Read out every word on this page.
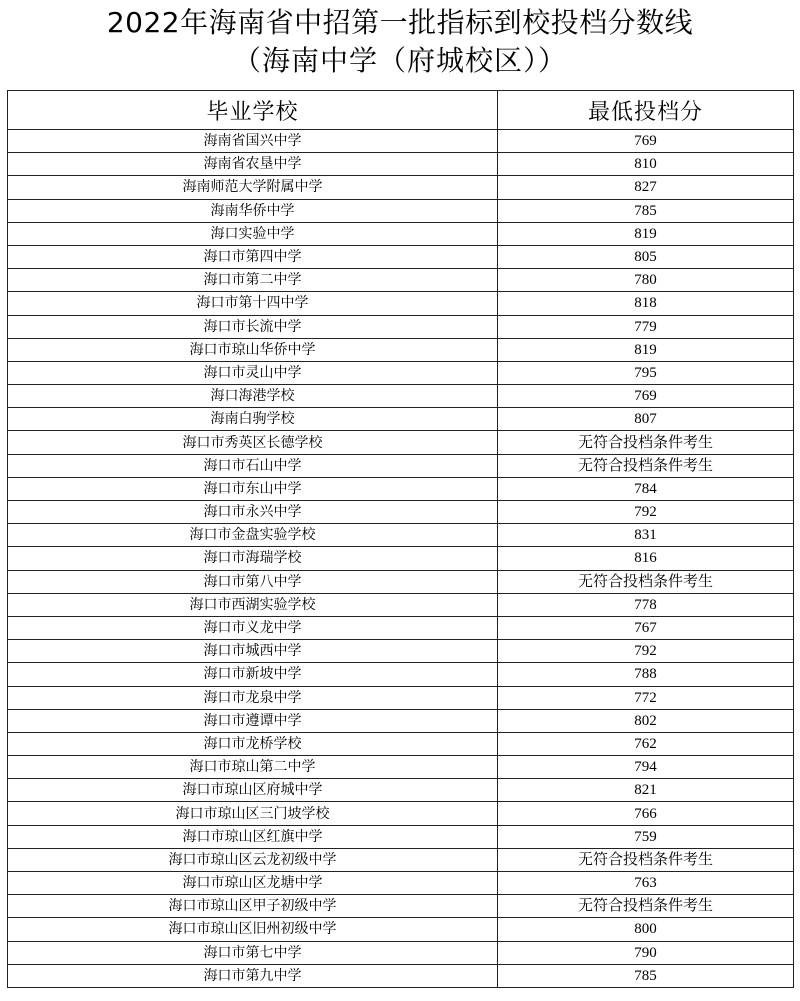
2022年海南省中招第一批指标到校投档分数线
（海南中学（府城校区））
毕业学校	最低投档分
海南省国兴中学	769
海南省农垦中学	810
海南师范大学附属中学	827
海南华侨中学	785
海口实验中学	819
海口市第四中学	805
海口市第二中学	780
海口市第十四中学	818
海口市长流中学	779
海口市琼山华侨中学	819
海口市灵山中学	795
海口海港学校	769
海南白驹学校	807
海口市秀英区长德学校	无符合投档条件考生
海口市石山中学	无符合投档条件考生
海口市东山中学	784
海口市永兴中学	792
海口市金盘实验学校	831
海口市海瑞学校	816
海口市第八中学	无符合投档条件考生
海口市西湖实验学校	778
海口市义龙中学	767
海口市城西中学	792
海口市新坡中学	788
海口市龙泉中学	772
海口市遵谭中学	802
海口市龙桥学校	762
海口市琼山第二中学	794
海口市琼山区府城中学	821
海口市琼山区三门坡学校	766
海口市琼山区红旗中学	759
海口市琼山区云龙初级中学	无符合投档条件考生
海口市琼山区龙塘中学	763
海口市琼山区甲子初级中学	无符合投档条件考生
海口市琼山区旧州初级中学	800
海口市第七中学	790
海口市第九中学	785
